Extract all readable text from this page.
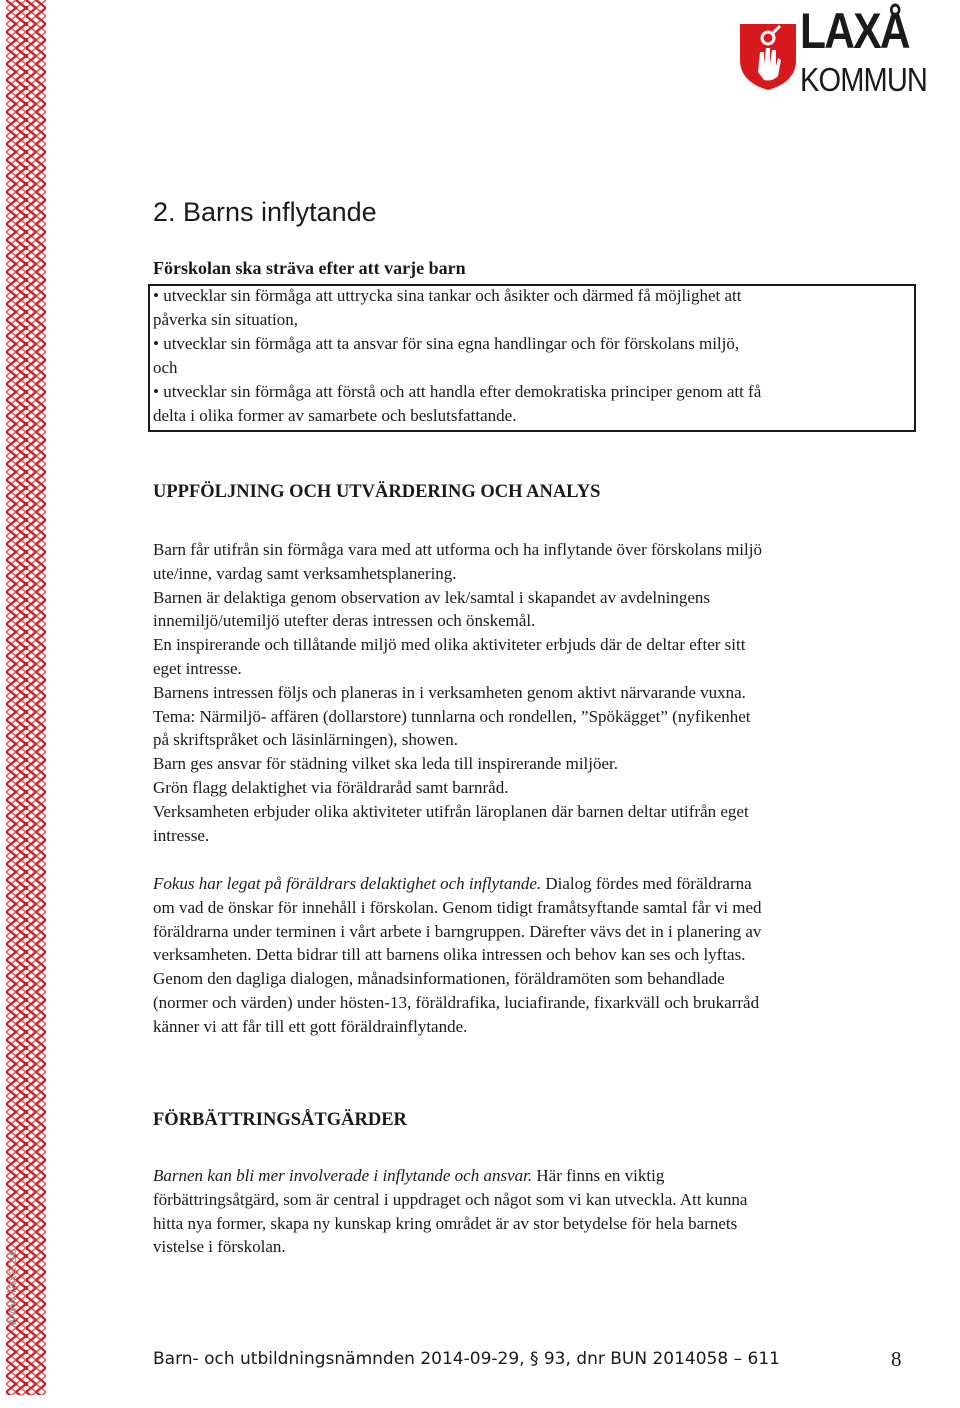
www.laxa.se
LAXÅ
KOMMUN
2. Barns inflytande
Förskolan ska sträva efter att varje barn

• utvecklar sin förmåga att uttrycka sina tankar och åsikter och därmed få möjlighet att

påverka sin situation,

• utvecklar sin förmåga att ta ansvar för sina egna handlingar och för förskolans miljö,

och

• utvecklar sin förmåga att förstå och att handla efter demokratiska principer genom att få

delta i olika former av samarbete och beslutsfattande.

UPPFÖLJNING OCH UTVÄRDERING OCH ANALYS

Barn får utifrån sin förmåga vara med att utforma och ha inflytande över förskolans miljö

ute/inne, vardag samt verksamhetsplanering.

Barnen är delaktiga genom observation av lek/samtal i skapandet av avdelningens

innemiljö/utemiljö utefter deras intressen och önskemål.

En inspirerande och tillåtande miljö med olika aktiviteter erbjuds där de deltar efter sitt

eget intresse.

Barnens intressen följs och planeras in i verksamheten genom aktivt närvarande vuxna.

Tema: Närmiljö- affären (dollarstore) tunnlarna och rondellen, ”Spökägget” (nyfikenhet

på skriftspråket och läsinlärningen), showen.

Barn ges ansvar för städning vilket ska leda till inspirerande miljöer.

Grön flagg delaktighet via föräldraråd samt barnråd.

Verksamheten erbjuder olika aktiviteter utifrån läroplanen där barnen deltar utifrån eget

intresse.

Fokus har legat på föräldrars delaktighet och inflytande. Dialog fördes med föräldrarna

om vad de önskar för innehåll i förskolan. Genom tidigt framåtsyftande samtal får vi med

föräldrarna under terminen i vårt arbete i barngruppen. Därefter vävs det in i planering av

verksamheten. Detta bidrar till att barnens olika intressen och behov kan ses och lyftas.

Genom den dagliga dialogen, månadsinformationen, föräldramöten som behandlade

(normer och värden) under hösten-13, föräldrafika, luciafirande, fixarkväll och brukarråd

känner vi att får till ett gott föräldrainflytande.

FÖRBÄTTRINGSÅTGÄRDER

Barnen kan bli mer involverade i inflytande och ansvar. Här finns en viktig

förbättringsåtgärd, som är central i uppdraget och något som vi kan utveckla. Att kunna

hitta nya former, skapa ny kunskap kring området är av stor betydelse för hela barnets

vistelse i förskolan.

Barn- och utbildningsnämnden 2014-09-29, § 93, dnr BUN 2014058 – 611	8
